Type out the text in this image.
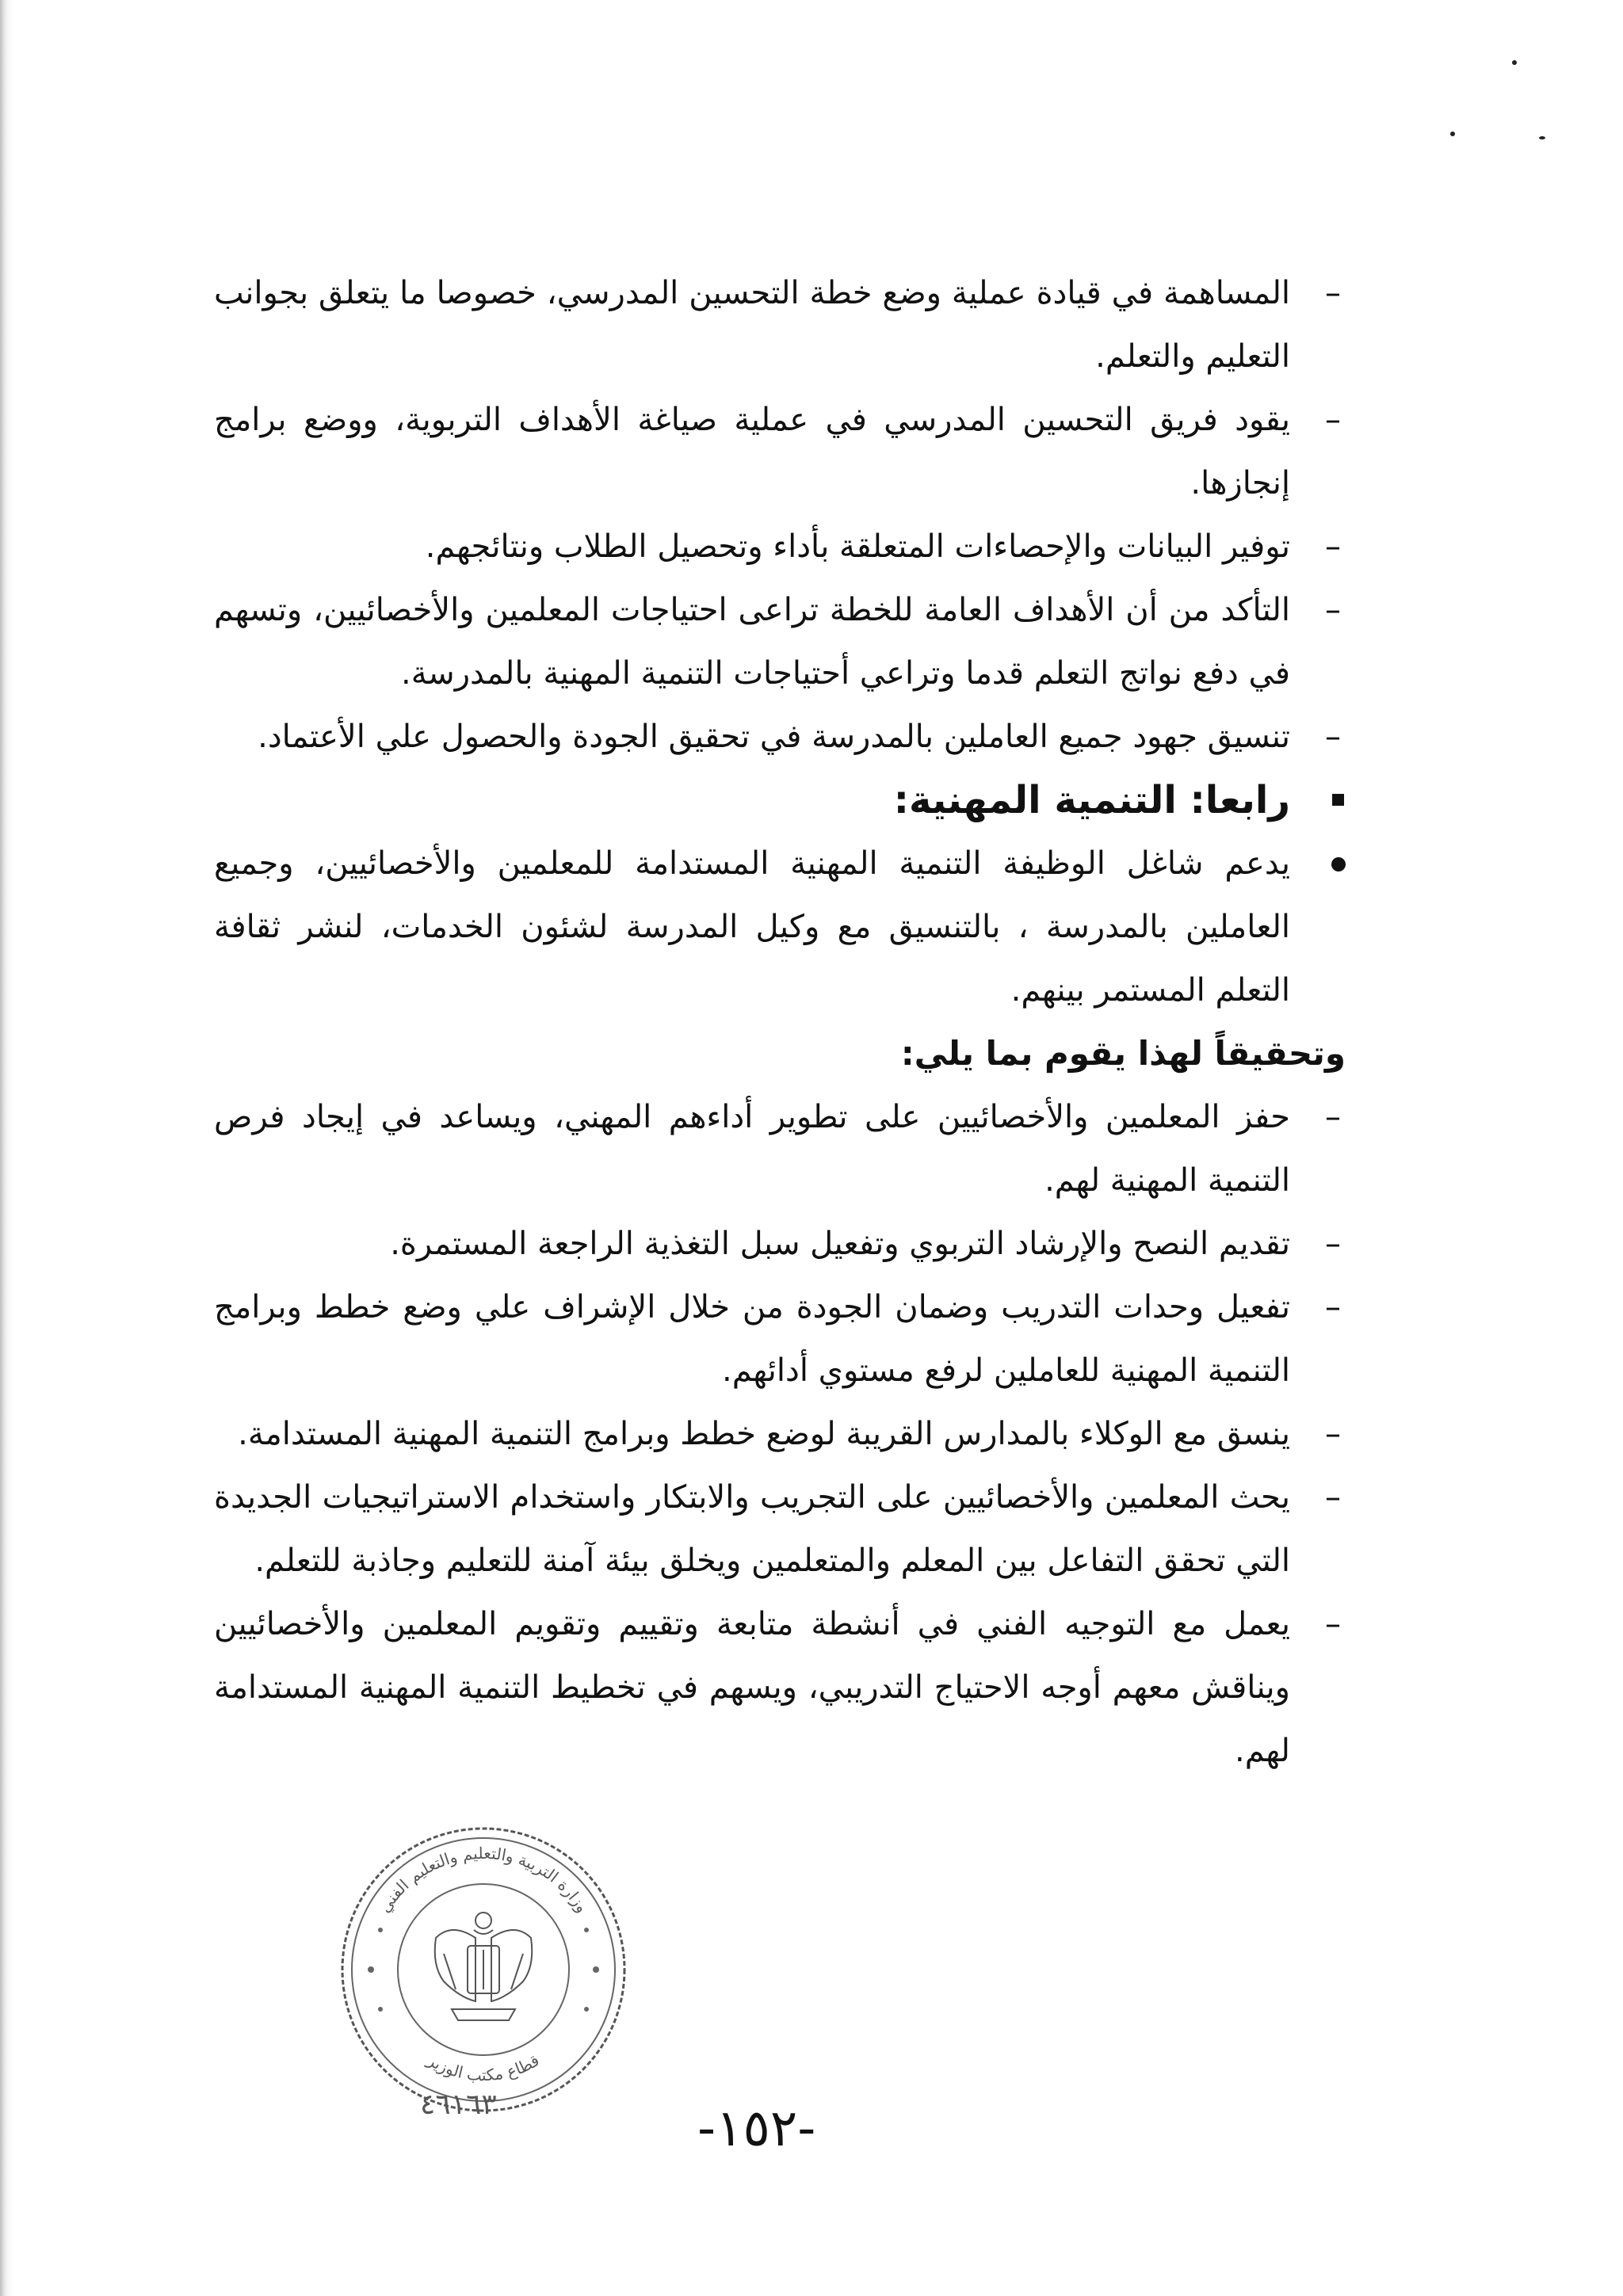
– المساهمة في قيادة عملية وضع خطة التحسين المدرسي، خصوصا ما يتعلق بجوانب التعليم والتعلم.
– يقود فريق التحسين المدرسي في عملية صياغة الأهداف التربوية، ووضع برامج إنجازها.
– توفير البيانات والإحصاءات المتعلقة بأداء وتحصيل الطلاب ونتائجهم.
– التأكد من أن الأهداف العامة للخطة تراعى احتياجات المعلمين والأخصائيين، وتسهم في دفع نواتج التعلم قدما وتراعي أحتياجات التنمية المهنية بالمدرسة.
– تنسيق جهود جميع العاملين بالمدرسة في تحقيق الجودة والحصول علي الأعتماد.
رابعا: التنمية المهنية:
يدعم شاغل الوظيفة التنمية المهنية المستدامة للمعلمين والأخصائيين، وجميع العاملين بالمدرسة ، بالتنسيق مع وكيل المدرسة لشئون الخدمات، لنشر ثقافة التعلم المستمر بينهم.
وتحقيقاً لهذا يقوم بما يلي:
– حفز المعلمين والأخصائيين على تطوير أداءهم المهني، ويساعد في إيجاد فرص التنمية المهنية لهم.
– تقديم النصح والإرشاد التربوي وتفعيل سبل التغذية الراجعة المستمرة.
– تفعيل وحدات التدريب وضمان الجودة من خلال الإشراف علي وضع خطط وبرامج التنمية المهنية للعاملين لرفع مستوي أدائهم.
– ينسق مع الوكلاء بالمدارس القريبة لوضع خطط وبرامج التنمية المهنية المستدامة.
– يحث المعلمين والأخصائيين على التجريب والابتكار واستخدام الاستراتيجيات الجديدة التي تحقق التفاعل بين المعلم والمتعلمين ويخلق بيئة آمنة للتعليم وجاذبة للتعلم.
– يعمل مع التوجيه الفني في أنشطة متابعة وتقييم وتقويم المعلمين والأخصائيين ويناقش معهم أوجه الاحتياج التدريبي، ويسهم في تخطيط التنمية المهنية المستدامة لهم.
وزارة التربية والتعليم والتعليم الفني
قطاع مكتب الوزير
٤٦١٦٣	-١٥٢-
